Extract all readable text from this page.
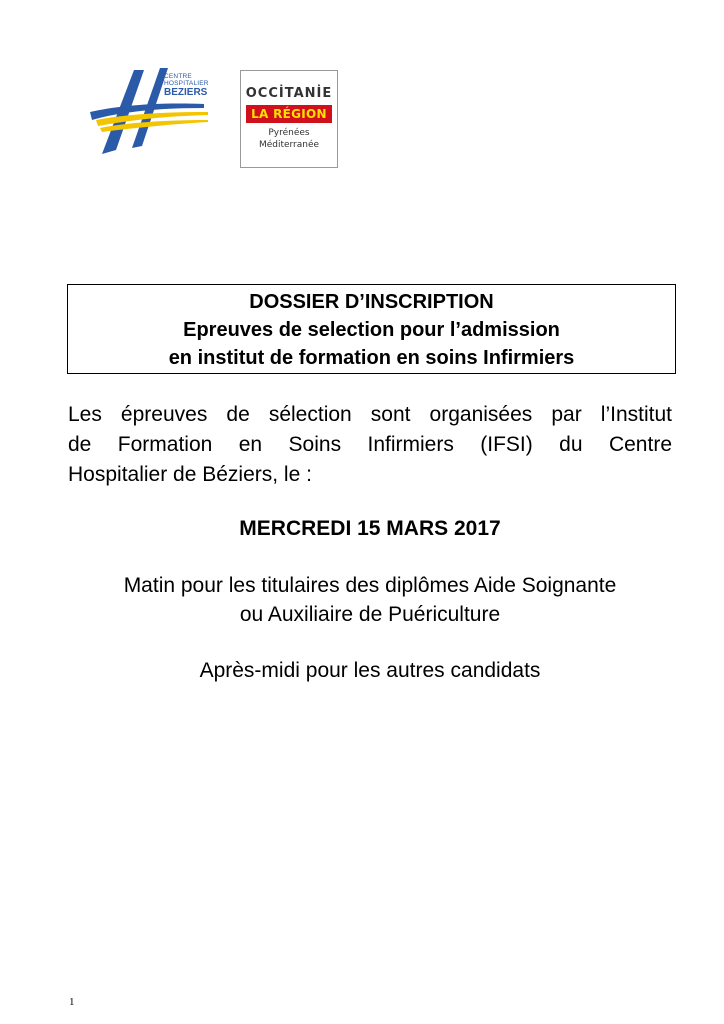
CENTRE
HOSPITALIER
BEZIERS	OCCİTANİE
LA RÉGION
Pyrénées
Méditerranée
DOSSIER D’INSCRIPTION
Epreuves de selection pour l’admission
en institut de formation en soins Infirmiers
Les épreuves de sélection sont organisées par l’Institut
de Formation en Soins Infirmiers (IFSI) du Centre
Hospitalier de Béziers, le :
MERCREDI 15 MARS 2017
Matin pour les titulaires des diplômes Aide Soignante
ou Auxiliaire de Puériculture
Après-midi pour les autres candidats
1
